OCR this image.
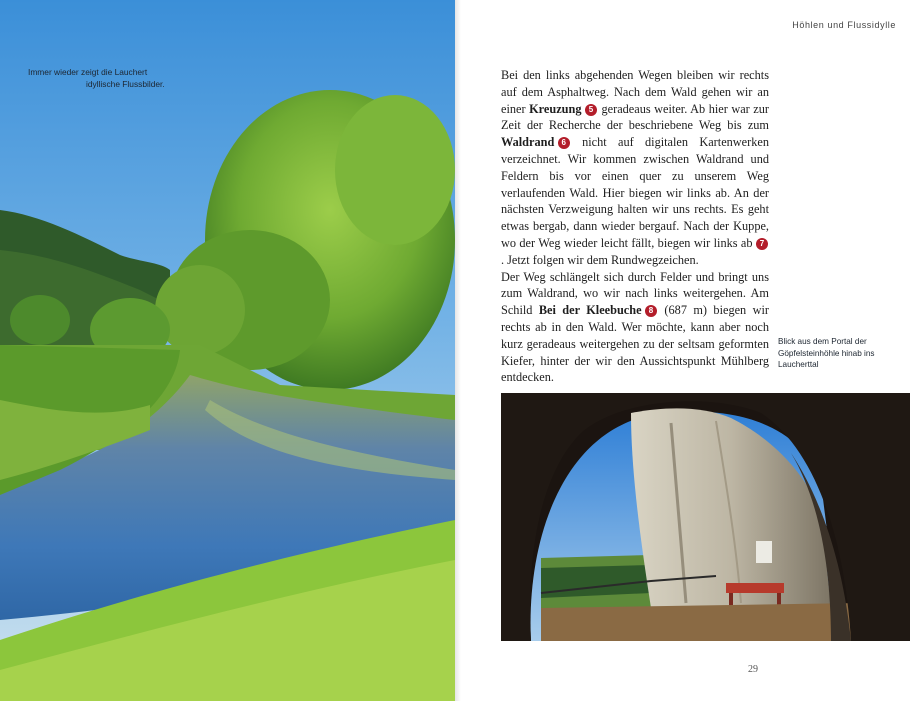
Immer wieder zeigt die Lauchert
idyllische Flussbilder.
Höhlen und Flussidylle

Bei den links abgehenden Wegen bleiben wir rechts auf dem Asphaltweg. Nach dem Wald gehen wir an einer Kreuzung  5 geradeaus weiter. Ab hier war zur Zeit der Recherche der beschriebene Weg bis zum Waldrand  6 nicht auf digitalen Kartenwerken verzeichnet. Wir kommen zwischen Waldrand und Feldern bis vor einen quer zu unserem Weg verlaufenden Wald. Hier biegen wir links ab. An der nächsten Verzweigung halten wir uns rechts. Es geht etwas bergab, dann wieder bergauf. Nach der Kuppe, wo der Weg wieder leicht fällt, biegen wir links ab  7. Jetzt folgen wir dem Rundwegzeichen.

Der Weg schlängelt sich durch Felder und bringt uns zum Waldrand, wo wir nach links weitergehen. Am Schild Bei der Kleebuche  8 (687 m) biegen wir rechts ab in den Wald. Wer möchte, kann aber noch kurz geradeaus weitergehen zu der seltsam geformten Kiefer, hinter der wir den Aussichtspunkt Mühlberg entdecken.

Blick aus dem Portal der Göpfelsteinhöhle hinab ins Laucherttal
29
